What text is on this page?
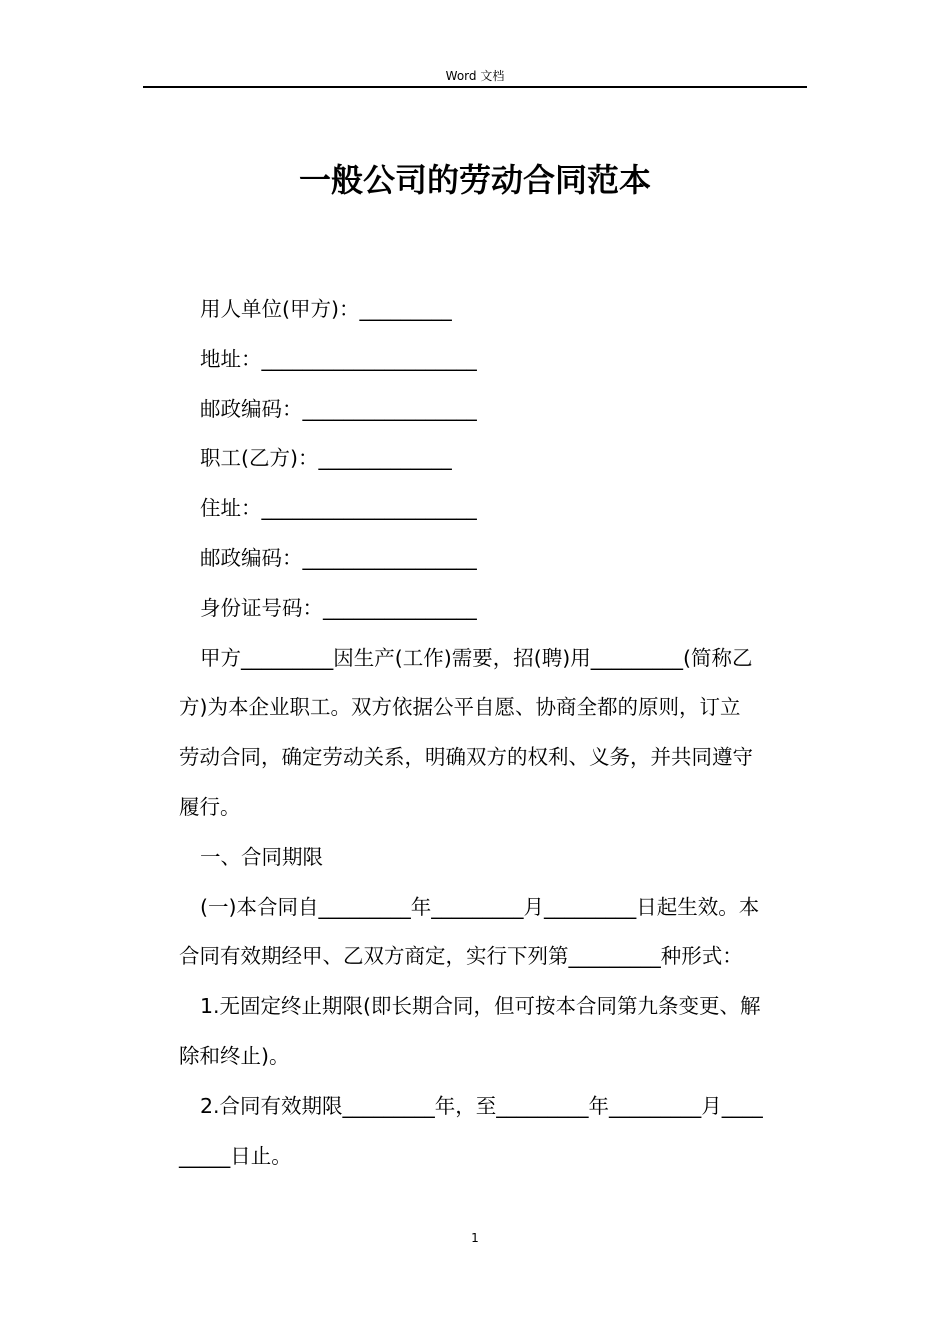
Word 文档
一般公司的劳动合同范本

用人单位(甲方)：_________

地址：_____________________

邮政编码：_________________

职工(乙方)：_____________

住址：_____________________

邮政编码：_________________

身份证号码：_______________

甲方_________因生产(工作)需要，招(聘)用_________(简称乙

方)为本企业职工。双方依据公平自愿、协商全都的原则，订立

劳动合同，确定劳动关系，明确双方的权利、义务，并共同遵守

履行。

一、合同期限

(一)本合同自_________年_________月_________日起生效。本

合同有效期经甲、乙双方商定，实行下列第_________种形式：

1.无固定终止期限(即长期合同，但可按本合同第九条变更、解

除和终止)。

2.合同有效期限_________年，至_________年_________月____

_____日止。

1
